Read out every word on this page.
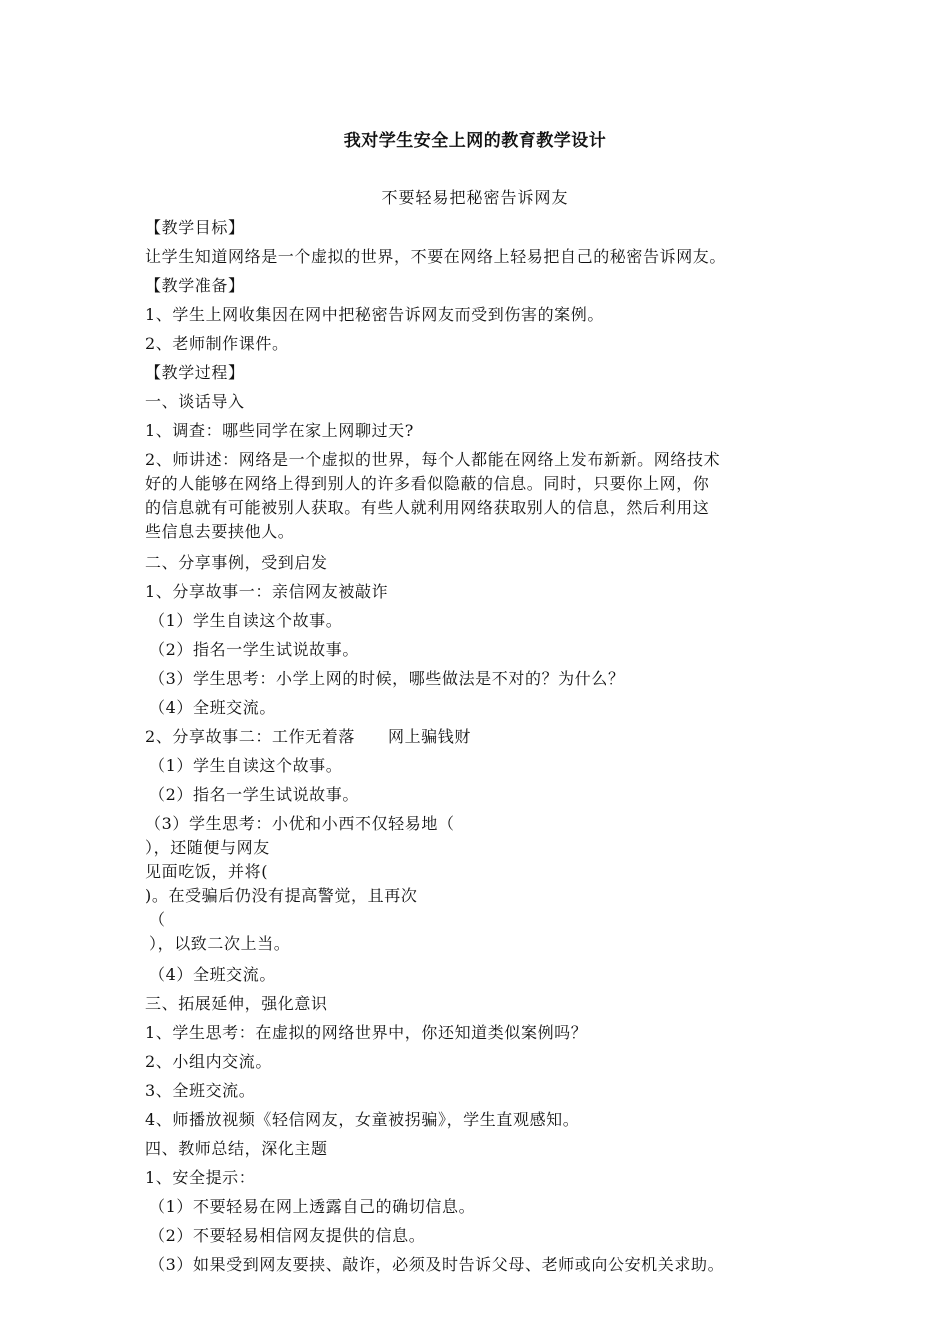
我对学生安全上网的教育教学设计
不要轻易把秘密告诉网友

【教学目标】

让学生知道网络是一个虚拟的世界，不要在网络上轻易把自己的秘密告诉网友。

【教学准备】

1、学生上网收集因在网中把秘密告诉网友而受到伤害的案例。

2、老师制作课件。

【教学过程】

一、谈话导入

1、调查：哪些同学在家上网聊过天?

2、师讲述：网络是一个虚拟的世界，每个人都能在网络上发布新新。网络技术
好的人能够在网络上得到别人的许多看似隐蔽的信息。同时，只要你上网，你
的信息就有可能被别人获取。有些人就利用网络获取别人的信息，然后利用这
些信息去要挟他人。

二、分享事例，受到启发

1、分享故事一：亲信网友被敲诈

（1）学生自读这个故事。

（2）指名一学生试说故事。

（3）学生思考：小学上网的时候，哪些做法是不对的？为什么？

（4）全班交流。

2、分享故事二：工作无着落 网上骗钱财

（1）学生自读这个故事。

（2）指名一学生试说故事。

（3）学生思考：小优和小西不仅轻易地（
），还随便与网友
见面吃饭，并将(
)。在受骗后仍没有提高警觉，且再次
（
），以致二次上当。

（4）全班交流。

三、拓展延伸，强化意识

1、学生思考：在虚拟的网络世界中，你还知道类似案例吗？

2、小组内交流。

3、全班交流。

4、师播放视频《轻信网友，女童被拐骗》，学生直观感知。

四、教师总结，深化主题

1、安全提示：

（1）不要轻易在网上透露自己的确切信息。

（2）不要轻易相信网友提供的信息。

（3）如果受到网友要挟、敲诈，必须及时告诉父母、老师或向公安机关求助。
